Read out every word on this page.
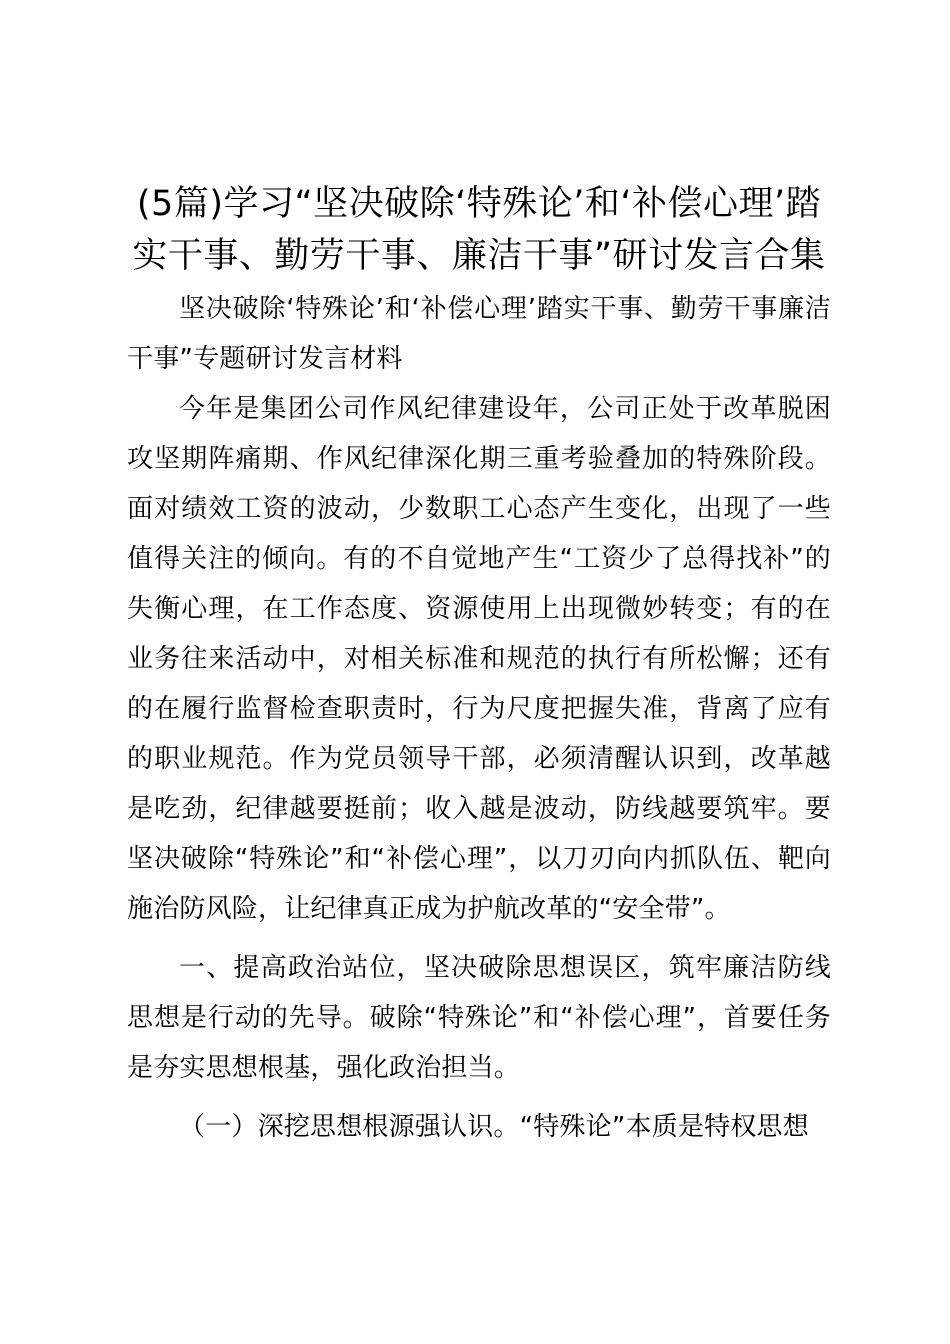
(5篇)学习“坚决破除‘特殊论’和‘补偿心理’踏实干事、勤劳干事、廉洁干事”研讨发言合集

坚决破除‘特殊论’和‘补偿心理’踏实干事、勤劳干事廉洁干事”专题研讨发言材料

今年是集团公司作风纪律建设年，公司正处于改革脱困攻坚期阵痛期、作风纪律深化期三重考验叠加的特殊阶段。面对绩效工资的波动，少数职工心态产生变化，出现了一些值得关注的倾向。有的不自觉地产生“工资少了总得找补”的失衡心理，在工作态度、资源使用上出现微妙转变；有的在业务往来活动中，对相关标准和规范的执行有所松懈；还有的在履行监督检查职责时，行为尺度把握失准，背离了应有的职业规范。作为党员领导干部，必须清醒认识到，改革越是吃劲，纪律越要挺前；收入越是波动，防线越要筑牢。要坚决破除“特殊论”和“补偿心理”，以刀刃向内抓队伍、靶向施治防风险，让纪律真正成为护航改革的“安全带”。

一、提高政治站位，坚决破除思想误区，筑牢廉洁防线思想是行动的先导。破除“特殊论”和“补偿心理”，首要任务是夯实思想根基，强化政治担当。

（一）深挖思想根源强认识。“特殊论”本质是特权思想
